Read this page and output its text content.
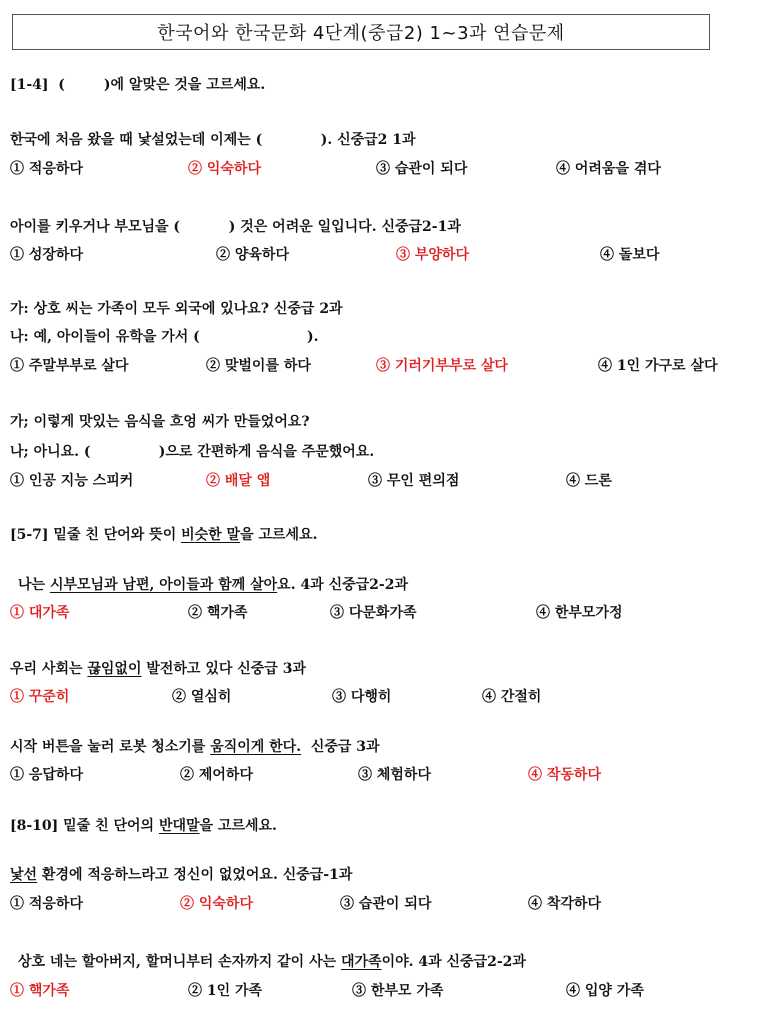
한국어와 한국문화 4단계(중급2) 1~3과 연습문제
[1-4]  (        )에 알맞은 것을 고르세요.
한국에 처음 왔을 때 낯설었는데 이제는 (            ). 신중급2 1과
① 적응하다	② 익숙하다	③ 습관이 되다	④ 어려움을 겪다
아이를 키우거나 부모님을 (          ) 것은 어려운 일입니다. 신중급2-1과
① 성장하다	② 양육하다	③ 부양하다	④ 돌보다
가: 상호 씨는 가족이 모두 외국에 있나요? 신중급 2과
나: 예, 아이들이 유학을 가서 (                      ).
① 주말부부로 살다	② 맞벌이를 하다	③ 기러기부부로 살다	④ 1인 가구로 살다
가; 이렇게 맛있는 음식을 흐엉 씨가 만들었어요?
나; 아니요. (              )으로 간편하게 음식을 주문했어요.
① 인공 지능 스피커	② 배달 앱	③ 무인 편의점	④ 드론
[5-7] 밑줄 친 단어와 뜻이 비슷한 말을 고르세요.
나는 시부모님과 남편, 아이들과 함께 살아요. 4과 신중급2-2과
① 대가족	② 핵가족	③ 다문화가족	④ 한부모가정
우리 사회는 끊임없이 발전하고 있다 신중급 3과
① 꾸준히	② 열심히	③ 다행히	④ 간절히
시작 버튼을 눌러 로봇 청소기를 움직이게 한다.  신중급 3과
① 응답하다	② 제어하다	③ 체험하다	④ 작동하다
[8-10] 밑줄 친 단어의 반대말을 고르세요.
낯선 환경에 적응하느라고 정신이 없었어요. 신중급-1과
① 적응하다	② 익숙하다	③ 습관이 되다	④ 착각하다
상호 네는 할아버지, 할머니부터 손자까지 같이 사는 대가족이야. 4과 신중급2-2과
① 핵가족	② 1인 가족	③ 한부모 가족	④ 입양 가족
